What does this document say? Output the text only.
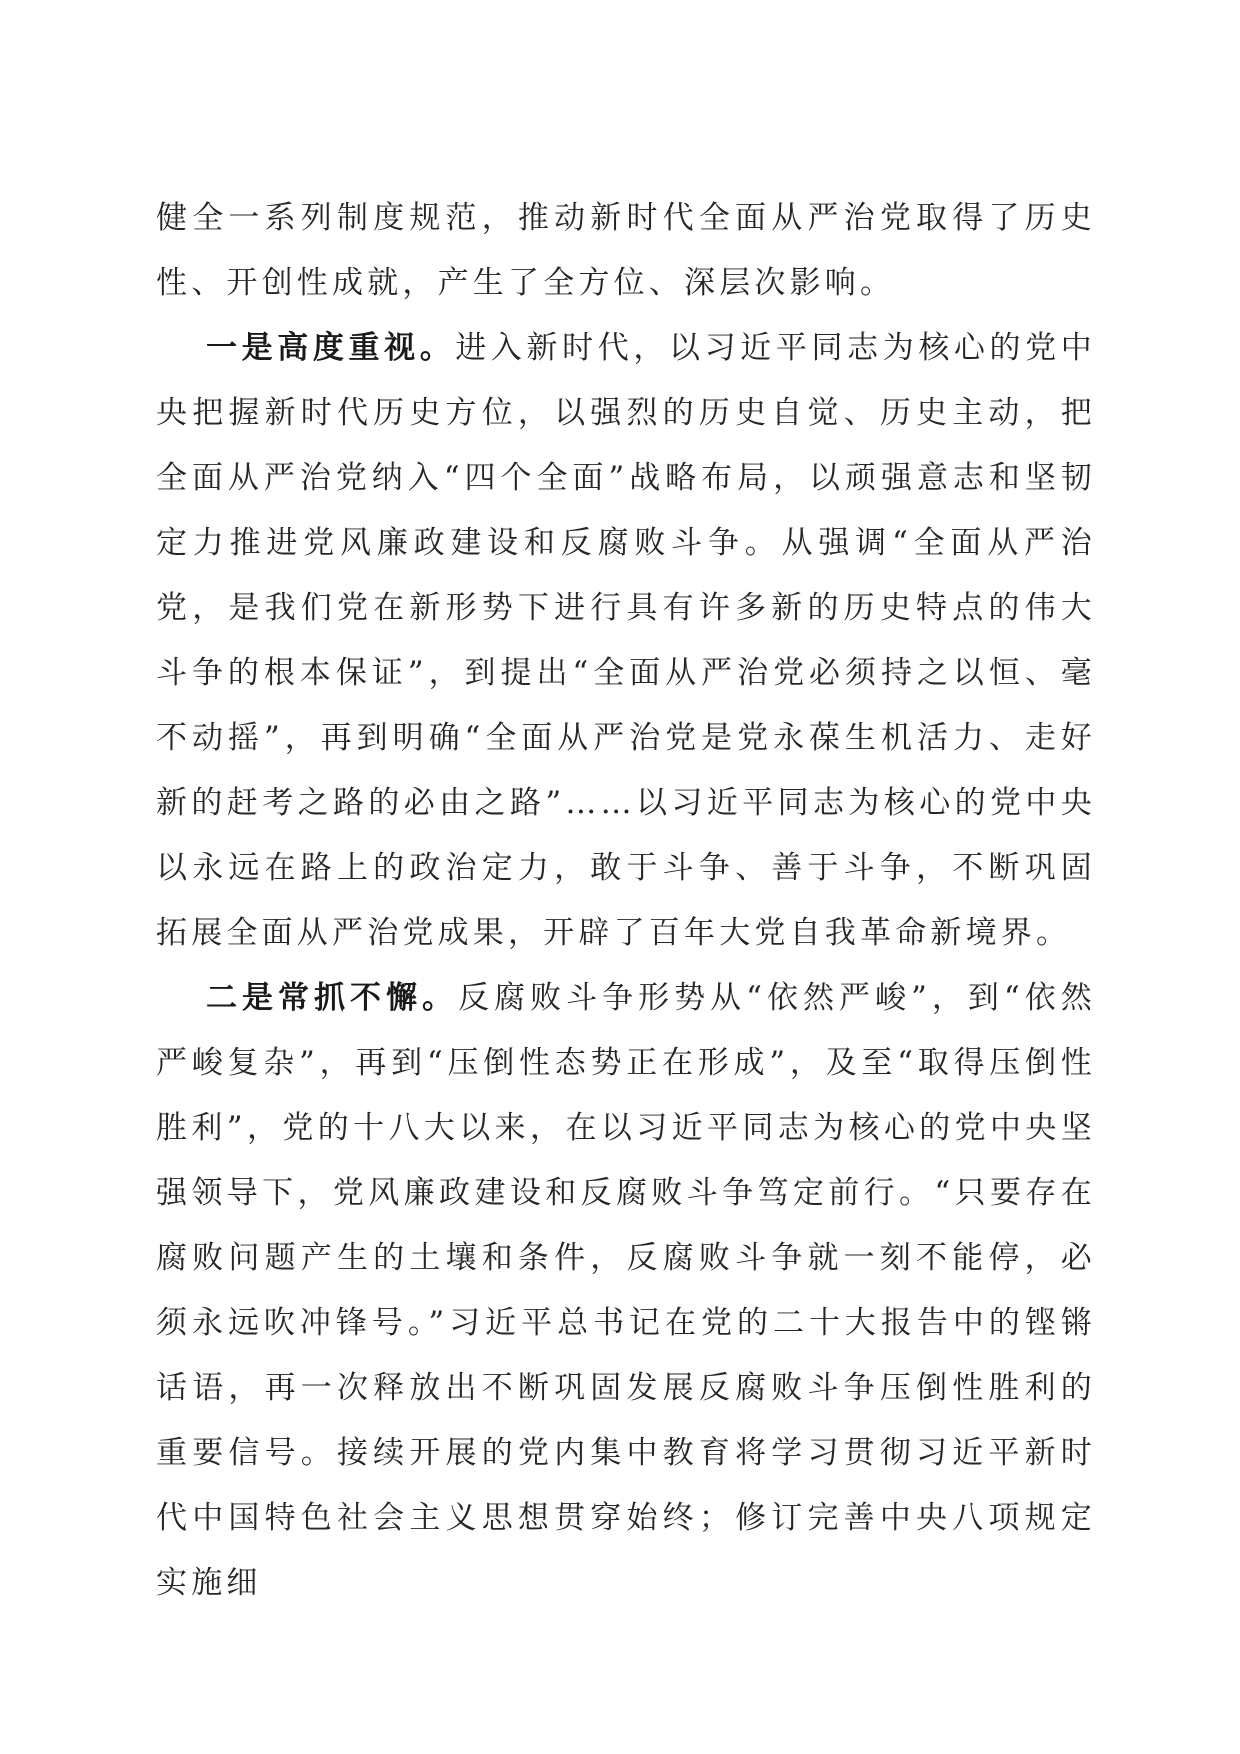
健全一系列制度规范，推动新时代全面从严治党取得了历史性、开创性成就，产生了全方位、深层次影响。

一是高度重视。进入新时代，以习近平同志为核心的党中央把握新时代历史方位，以强烈的历史自觉、历史主动，把全面从严治党纳入“四个全面”战略布局，以顽强意志和坚韧定力推进党风廉政建设和反腐败斗争。从强调“全面从严治党，是我们党在新形势下进行具有许多新的历史特点的伟大斗争的根本保证”，到提出“全面从严治党必须持之以恒、毫不动摇”，再到明确“全面从严治党是党永葆生机活力、走好新的赶考之路的必由之路”……以习近平同志为核心的党中央以永远在路上的政治定力，敢于斗争、善于斗争，不断巩固拓展全面从严治党成果，开辟了百年大党自我革命新境界。

二是常抓不懈。反腐败斗争形势从“依然严峻”，到“依然严峻复杂”，再到“压倒性态势正在形成”，及至“取得压倒性胜利”，党的十八大以来，在以习近平同志为核心的党中央坚强领导下，党风廉政建设和反腐败斗争笃定前行。“只要存在腐败问题产生的土壤和条件，反腐败斗争就一刻不能停，必须永远吹冲锋号。”习近平总书记在党的二十大报告中的铿锵话语，再一次释放出不断巩固发展反腐败斗争压倒性胜利的重要信号。接续开展的党内集中教育将学习贯彻习近平新时代中国特色社会主义思想贯穿始终；修订完善中央八项规定实施细
